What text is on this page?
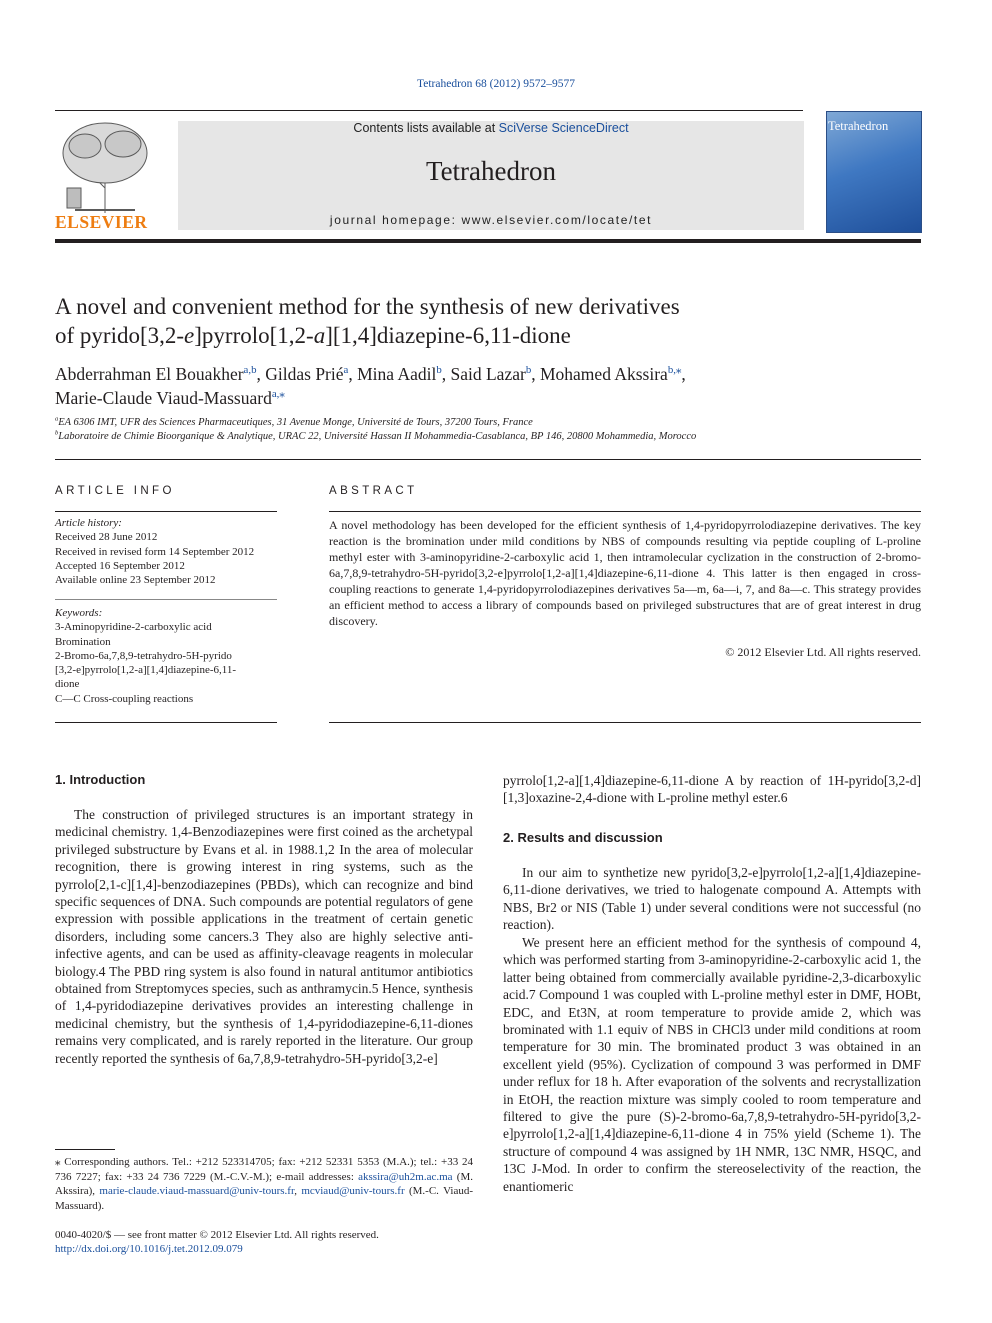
Tetrahedron 68 (2012) 9572–9577
ELSEVIER
Contents lists available at SciVerse ScienceDirect
Tetrahedron
journal homepage: www.elsevier.com/locate/tet
Tetrahedron
A novel and convenient method for the synthesis of new derivatives
of pyrido[3,2-e]pyrrolo[1,2-a][1,4]diazepine-6,11-dione
Abderrahman El Bouakher$^{a,b}$, Gildas Prié$^a$, Mina Aadil$^b$, Said Lazar$^b$, Mohamed Akssira$^{b,⁎}$,
Marie-Claude Viaud-Massuard$^{a,⁎}$
$^a$EA 6306 IMT, UFR des Sciences Pharmaceutiques, 31 Avenue Monge, Université de Tours, 37200 Tours, France
$^b$Laboratoire de Chimie Bioorganique & Analytique, URAC 22, Université Hassan II Mohammedia-Casablanca, BP 146, 20800 Mohammedia, Morocco
ARTICLE INFO
Article history:
Received 28 June 2012
Received in revised form 14 September 2012
Accepted 16 September 2012
Available online 23 September 2012
Keywords:
3-Aminopyridine-2-carboxylic acid
Bromination
2-Bromo-6a,7,8,9-tetrahydro-5H-pyrido
[3,2-e]pyrrolo[1,2-a][1,4]diazepine-6,11-
dione
C—C Cross-coupling reactions
ABSTRACT
A novel methodology has been developed for the efficient synthesis of 1,4-pyridopyrrolodiazepine derivatives. The key reaction is the bromination under mild conditions by NBS of compounds resulting via peptide coupling of L-proline methyl ester with 3-aminopyridine-2-carboxylic acid 1, then intramolecular cyclization in the construction of 2-bromo-6a,7,8,9-tetrahydro-5H-pyrido[3,2-e]pyrrolo[1,2-a][1,4]diazepine-6,11-dione 4. This latter is then engaged in cross-coupling reactions to generate 1,4-pyridopyrrolodiazepines derivatives 5a—m, 6a—i, 7, and 8a—c. This strategy provides an efficient method to access a library of compounds based on privileged substructures that are of great interest in drug discovery.
© 2012 Elsevier Ltd. All rights reserved.
1. Introduction
The construction of privileged structures is an important strategy in medicinal chemistry. 1,4-Benzodiazepines were first coined as the archetypal privileged substructure by Evans et al. in 1988.1,2 In the area of molecular recognition, there is growing interest in ring systems, such as the pyrrolo[2,1-c][1,4]-benzodiazepines (PBDs), which can recognize and bind specific sequences of DNA. Such compounds are potential regulators of gene expression with possible applications in the treatment of certain genetic disorders, including some cancers.3 They also are highly selective anti-infective agents, and can be used as affinity-cleavage reagents in molecular biology.4 The PBD ring system is also found in natural antitumor antibiotics obtained from Streptomyces species, such as anthramycin.5 Hence, synthesis of 1,4-pyridodiazepine derivatives provides an interesting challenge in medicinal chemistry, but the synthesis of 1,4-pyridodiazepine-6,11-diones remains very complicated, and is rarely reported in the literature. Our group recently reported the synthesis of 6a,7,8,9-tetrahydro-5H-pyrido[3,2-e]
pyrrolo[1,2-a][1,4]diazepine-6,11-dione A by reaction of 1H-pyrido[3,2-d][1,3]oxazine-2,4-dione with L-proline methyl ester.6
2. Results and discussion
In our aim to synthetize new pyrido[3,2-e]pyrrolo[1,2-a][1,4]diazepine-6,11-dione derivatives, we tried to halogenate compound A. Attempts with NBS, Br2 or NIS (Table 1) under several conditions were not successful (no reaction).
We present here an efficient method for the synthesis of compound 4, which was performed starting from 3-aminopyridine-2-carboxylic acid 1, the latter being obtained from commercially available pyridine-2,3-dicarboxylic acid.7 Compound 1 was coupled with L-proline methyl ester in DMF, HOBt, EDC, and Et3N, at room temperature to provide amide 2, which was brominated with 1.1 equiv of NBS in CHCl3 under mild conditions at room temperature for 30 min. The brominated product 3 was obtained in an excellent yield (95%). Cyclization of compound 3 was performed in DMF under reflux for 18 h. After evaporation of the solvents and recrystallization in EtOH, the reaction mixture was simply cooled to room temperature and filtered to give the pure (S)-2-bromo-6a,7,8,9-tetrahydro-5H-pyrido[3,2-e]pyrrolo[1,2-a][1,4]diazepine-6,11-dione 4 in 75% yield (Scheme 1). The structure of compound 4 was assigned by 1H NMR, 13C NMR, HSQC, and 13C J-Mod. In order to confirm the stereoselectivity of the reaction, the enantiomeric
⁎ Corresponding authors. Tel.: +212 523314705; fax: +212 52331 5353 (M.A.); tel.: +33 24 736 7227; fax: +33 24 736 7229 (M.-C.V.-M.); e-mail addresses: akssira@uh2m.ac.ma (M. Akssira), marie-claude.viaud-massuard@univ-tours.fr, mcviaud@univ-tours.fr (M.-C. Viaud-Massuard).
0040-4020/$ — see front matter © 2012 Elsevier Ltd. All rights reserved.
http://dx.doi.org/10.1016/j.tet.2012.09.079
